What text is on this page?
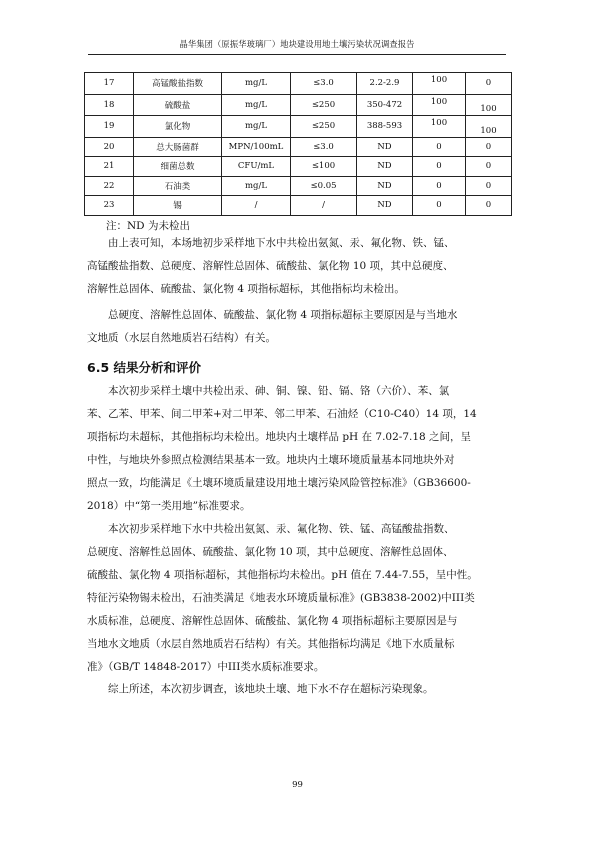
晶华集团（原振华玻璃厂）地块建设用地土壤污染状况调查报告
17	高锰酸盐指数	mg/L	≤3.0	2.2-2.9	100	0
18	硫酸盐	mg/L	≤250	350-472	100	100
19	氯化物	mg/L	≤250	388-593	100	100
20	总大肠菌群	MPN/100mL	≤3.0	ND	0	0
21	细菌总数	CFU/mL	≤100	ND	0	0
22	石油类	mg/L	≤0.05	ND	0	0
23	锡	/	/	ND	0	0
注：ND 为未检出
由上表可知，本场地初步采样地下水中共检出氨氮、汞、氟化物、铁、锰、
高锰酸盐指数、总硬度、溶解性总固体、硫酸盐、氯化物 10 项，其中总硬度、
溶解性总固体、硫酸盐、氯化物 4 项指标超标，其他指标均未检出。
总硬度、溶解性总固体、硫酸盐、氯化物 4 项指标超标主要原因是与当地水
文地质（水层自然地质岩石结构）有关。
6.5 结果分析和评价
本次初步采样土壤中共检出汞、砷、铜、镍、铅、镉、铬（六价）、苯、氯
苯、乙苯、甲苯、间二甲苯+对二甲苯、邻二甲苯、石油烃（C10-C40）14 项，14
项指标均未超标，其他指标均未检出。地块内土壤样品 pH 在 7.02-7.18 之间，呈
中性，与地块外参照点检测结果基本一致。地块内土壤环境质量基本同地块外对
照点一致，均能满足《土壤环境质量建设用地土壤污染风险管控标准》（GB36600-
2018）中“第一类用地”标准要求。
本次初步采样地下水中共检出氨氮、汞、氟化物、铁、锰、高锰酸盐指数、
总硬度、溶解性总固体、硫酸盐、氯化物 10 项，其中总硬度、溶解性总固体、
硫酸盐、氯化物 4 项指标超标，其他指标均未检出。pH 值在 7.44-7.55，呈中性。
特征污染物锡未检出，石油类满足《地表水环境质量标准》(GB3838-2002)中III类
水质标准，总硬度、溶解性总固体、硫酸盐、氯化物 4 项指标超标主要原因是与
当地水文地质（水层自然地质岩石结构）有关。其他指标均满足《地下水质量标
准》（GB/T 14848-2017）中III类水质标准要求。
综上所述，本次初步调查，该地块土壤、地下水不存在超标污染现象。
99
